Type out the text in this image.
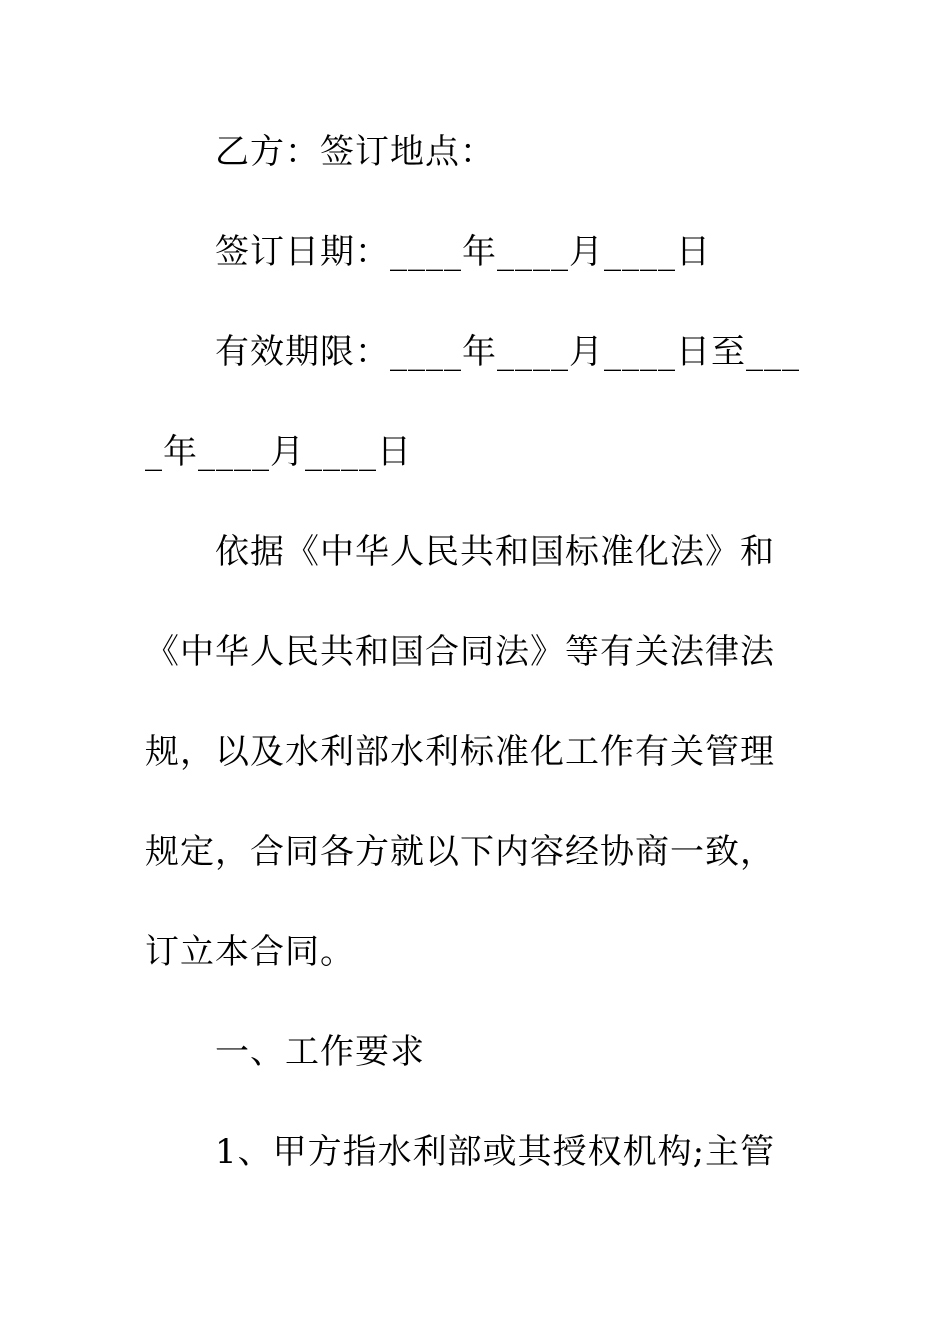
乙方：签订地点：
签订日期：____年____月____日
有效期限：____年____月____日至___
_年____月____日
依据《中华人民共和国标准化法》和
《中华人民共和国合同法》等有关法律法
规，以及水利部水利标准化工作有关管理
规定，合同各方就以下内容经协商一致，
订立本合同。
一、工作要求
1、甲方指水利部或其授权机构;主管
